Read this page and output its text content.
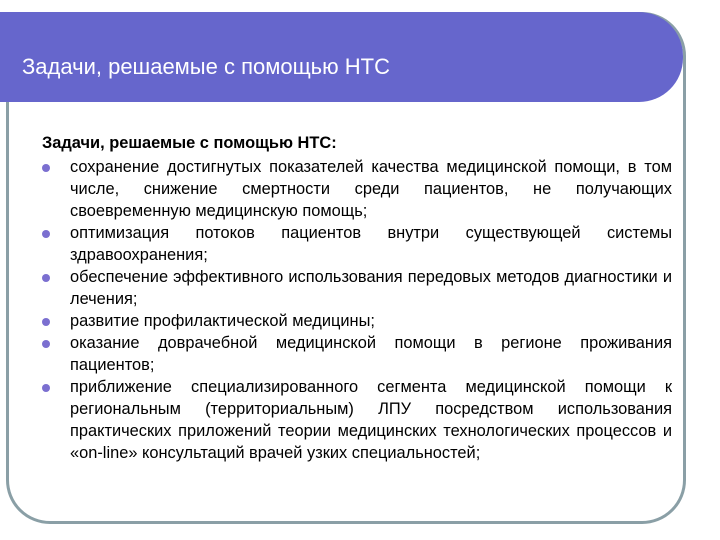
Задачи, решаемые с помощью НТС

Задачи, решаемые с помощью НТС:

сохранение достигнутых показателей качества медицинской помощи, в том числе, снижение смертности среди пациентов, не получающих своевременную медицинскую помощь;
оптимизация потоков пациентов внутри существующей системы здравоохранения;
обеспечение эффективного использования передовых методов диагностики и лечения;
развитие профилактической медицины;
оказание доврачебной медицинской помощи в регионе проживания пациентов;
приближение специализированного сегмента медицинской помощи к региональным (территориальным) ЛПУ посредством использования практических приложений теории медицинских технологических процессов и «on-line» консультаций врачей узких специальностей;
